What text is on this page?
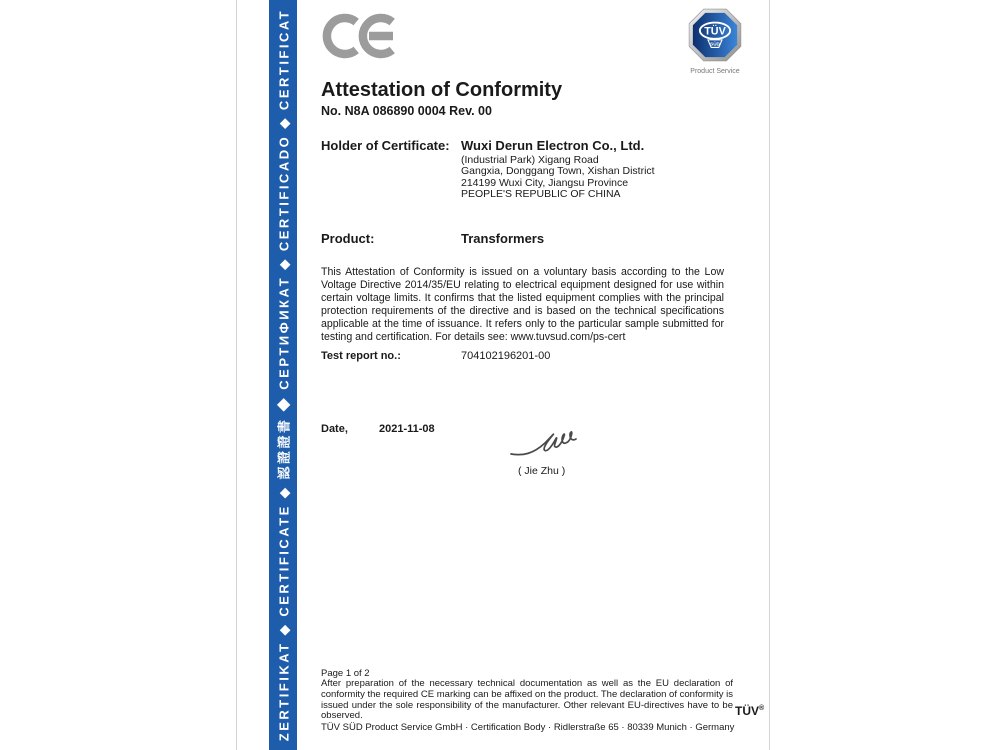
ZERTIFIKAT ◆ CERTIFICATE ◆ 認證證書 ◆ СЕРТИФИКАТ ◆ CERTIFICADO ◆ CERTIFICAT	TÜV
SÜD
Product Service
Attestation of Conformity
No. N8A 086890 0004 Rev. 00
Holder of Certificate: Wuxi Derun Electron Co., Ltd.
(Industrial Park) Xigang Road
Gangxia, Donggang Town, Xishan District
214199 Wuxi City, Jiangsu Province
PEOPLE'S REPUBLIC OF CHINA
Product:	Transformers
This Attestation of Conformity is issued on a voluntary basis according to the Low Voltage Directive 2014/35/EU relating to electrical equipment designed for use within certain voltage limits. It confirms that the listed equipment complies with the principal protection requirements of the directive and is based on the technical specifications applicable at the time of issuance. It refers only to the particular sample submitted for testing and certification. For details see: www.tuvsud.com/ps-cert
Test report no.:	704102196201-00
Date,	2021-11-08
( Jie Zhu )
Page 1 of 2
After preparation of the necessary technical documentation as well as the EU declaration of conformity the required CE marking can be affixed on the product. The declaration of conformity is issued under the sole responsibility of the manufacturer. Other relevant EU-directives have to be observed.
TÜV SÜD Product Service GmbH · Certification Body · Ridlerstraße 65 · 80339 Munich · Germany
TÜV®
